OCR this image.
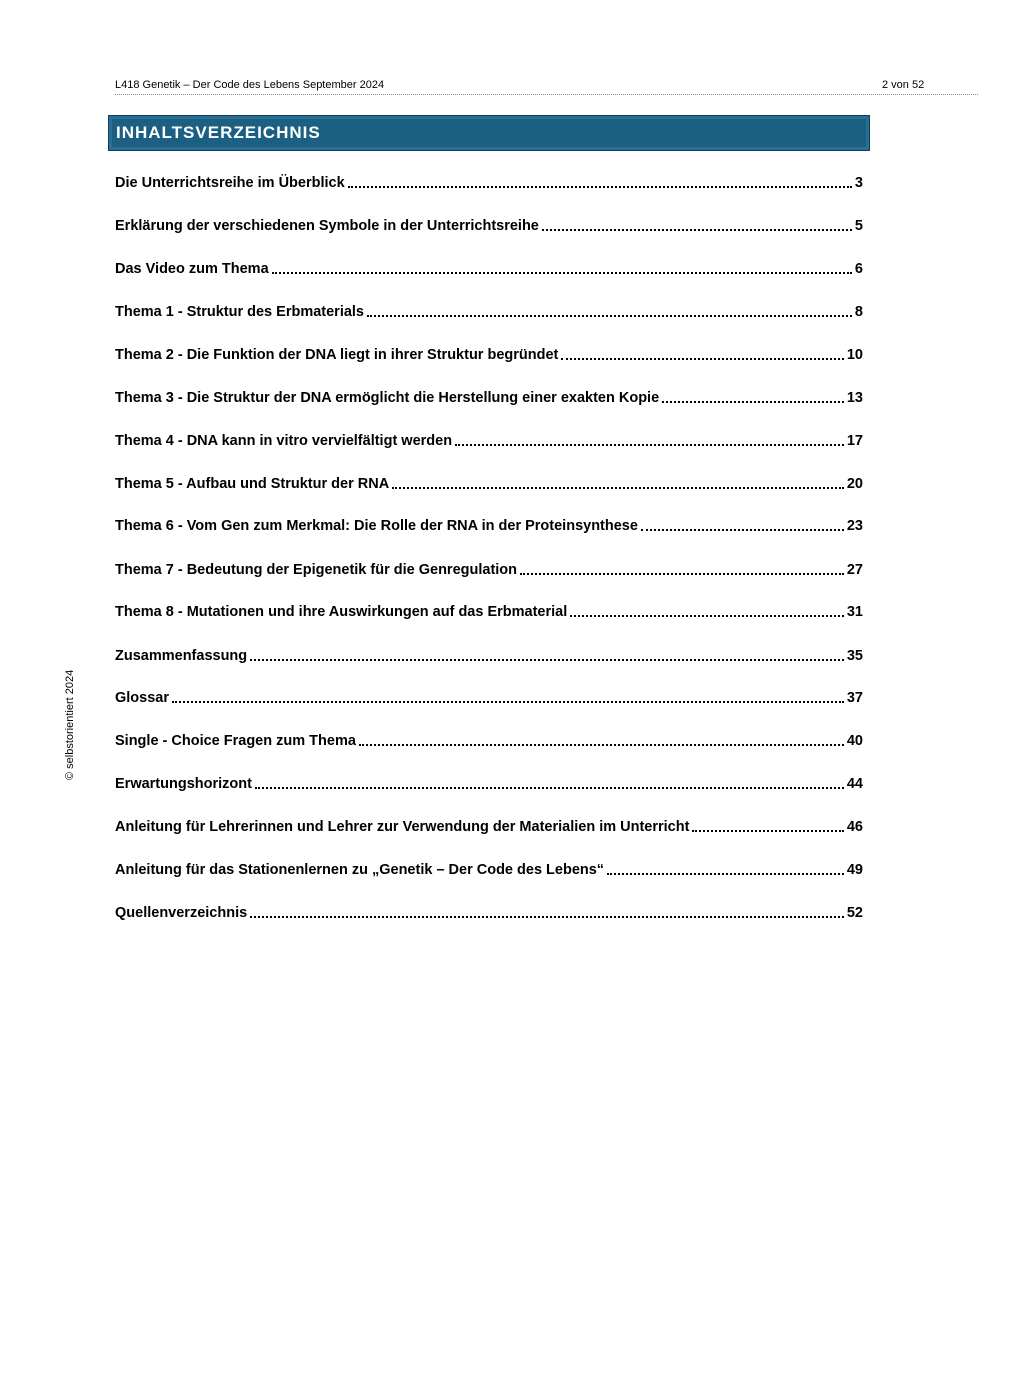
L418 Genetik – Der Code des Lebens September 2024	2 von 52
INHALTSVERZEICHNIS
Die Unterrichtsreihe im Überblick	3
Erklärung der verschiedenen Symbole in der Unterrichtsreihe	5
Das Video zum Thema	6
Thema 1 - Struktur des Erbmaterials	8
Thema 2 - Die Funktion der DNA liegt in ihrer Struktur begründet	10
Thema 3 - Die Struktur der DNA ermöglicht die Herstellung einer exakten Kopie	13
Thema 4 - DNA kann in vitro vervielfältigt werden	17
Thema 5 - Aufbau und Struktur der RNA	20
Thema 6 - Vom Gen zum Merkmal: Die Rolle der RNA in der Proteinsynthese	23
Thema 7 - Bedeutung der Epigenetik für die Genregulation	27
Thema 8 - Mutationen und ihre Auswirkungen auf das Erbmaterial	31
Zusammenfassung	35
Glossar	37
Single - Choice Fragen zum Thema	40
Erwartungshorizont	44
Anleitung für Lehrerinnen und Lehrer zur Verwendung der Materialien im Unterricht	46
Anleitung für das Stationenlernen zu „Genetik – Der Code des Lebens“	49
Quellenverzeichnis	52
© selbstorientiert 2024
